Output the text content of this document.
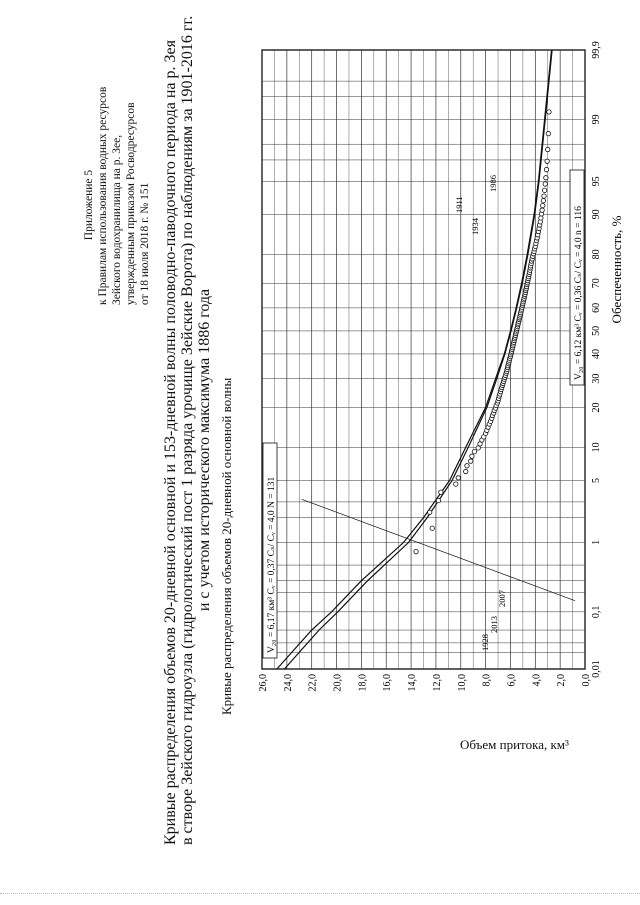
Приложение 5 к Правилам использования водных ресурсов Зейского водохранилища на р. Зее, утвержденным приказом Росводресурсов от 18 июля 2018 г. № 151 Кривые распределения объемов 20-дневной основной и 153-дневной волны половодно-паводочного периода на р. Зея в створе Зейского гидроузла (гидрологический пост 1 разряда урочище Зейские Ворота) по наблюдениям за 1901-2016 гг. и с учетом исторического максимума 1886 года Кривые распределения объемов 20-дневной основной волны	0,0
2,0
4,0
6,0
8,0
10,0
12,0
14,0
16,0
18,0
20,0
22,0
24,0
26,0
0,01
0,1
1
5
10
20
30
40
50
60
70
80
90
95
99
99,9
Обеспеченность, %
V₂₀ = 6,17 км³ Cᵥ = 0,37 Cₛ/ Cᵥ = 4,0 N = 131
V₂₀ = 6,12 км³ Cᵥ = 0,36 Cₛ/ Cᵥ = 4,0 n = 116
1928
2013
2007
1934
1911
1986
Объем притока, км³
